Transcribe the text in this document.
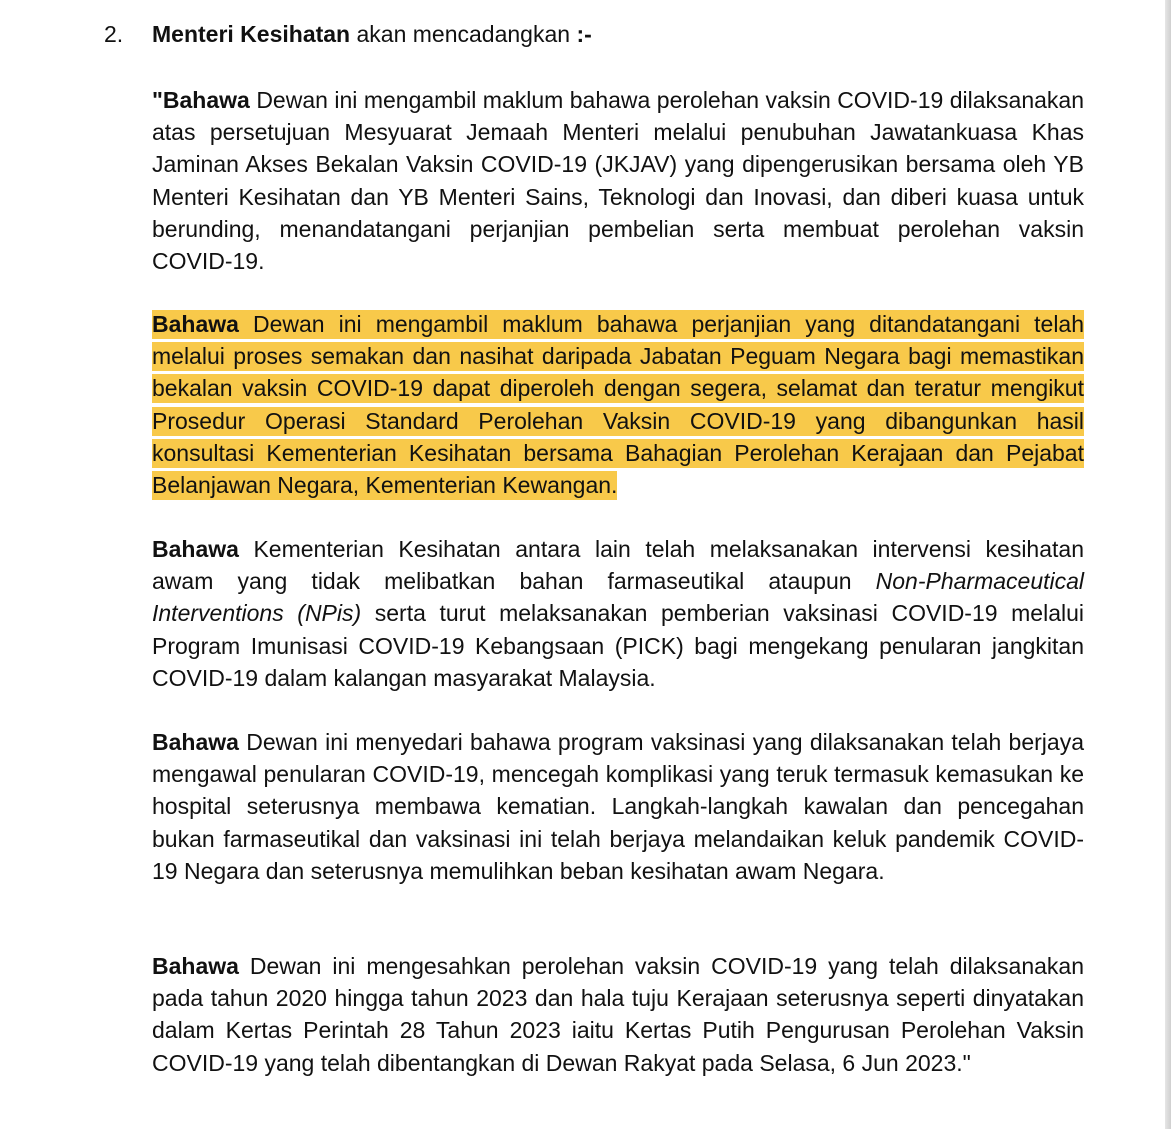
2. Menteri Kesihatan akan mencadangkan :-

"Bahawa Dewan ini mengambil maklum bahawa perolehan vaksin COVID-19 dilaksanakan atas persetujuan Mesyuarat Jemaah Menteri melalui penubuhan Jawatankuasa Khas Jaminan Akses Bekalan Vaksin COVID-19 (JKJAV) yang dipengerusikan bersama oleh YB Menteri Kesihatan dan YB Menteri Sains, Teknologi dan Inovasi, dan diberi kuasa untuk berunding, menandatangani perjanjian pembelian serta membuat perolehan vaksin COVID-19.

Bahawa Dewan ini mengambil maklum bahawa perjanjian yang ditandatangani telah melalui proses semakan dan nasihat daripada Jabatan Peguam Negara bagi memastikan bekalan vaksin COVID-19 dapat diperoleh dengan segera, selamat dan teratur mengikut Prosedur Operasi Standard Perolehan Vaksin COVID-19 yang dibangunkan hasil konsultasi Kementerian Kesihatan bersama Bahagian Perolehan Kerajaan dan Pejabat Belanjawan Negara, Kementerian Kewangan.

Bahawa Kementerian Kesihatan antara lain telah melaksanakan intervensi kesihatan awam yang tidak melibatkan bahan farmaseutikal ataupun Non-Pharmaceutical Interventions (NPis) serta turut melaksanakan pemberian vaksinasi COVID-19 melalui Program Imunisasi COVID-19 Kebangsaan (PICK) bagi mengekang penularan jangkitan COVID-19 dalam kalangan masyarakat Malaysia.

Bahawa Dewan ini menyedari bahawa program vaksinasi yang dilaksanakan telah berjaya mengawal penularan COVID-19, mencegah komplikasi yang teruk termasuk kemasukan ke hospital seterusnya membawa kematian. Langkah-langkah kawalan dan pencegahan bukan farmaseutikal dan vaksinasi ini telah berjaya melandaikan keluk pandemik COVID-19 Negara dan seterusnya memulihkan beban kesihatan awam Negara.

Bahawa Dewan ini mengesahkan perolehan vaksin COVID-19 yang telah dilaksanakan pada tahun 2020 hingga tahun 2023 dan hala tuju Kerajaan seterusnya seperti dinyatakan dalam Kertas Perintah 28 Tahun 2023 iaitu Kertas Putih Pengurusan Perolehan Vaksin COVID-19 yang telah dibentangkan di Dewan Rakyat pada Selasa, 6 Jun 2023."
